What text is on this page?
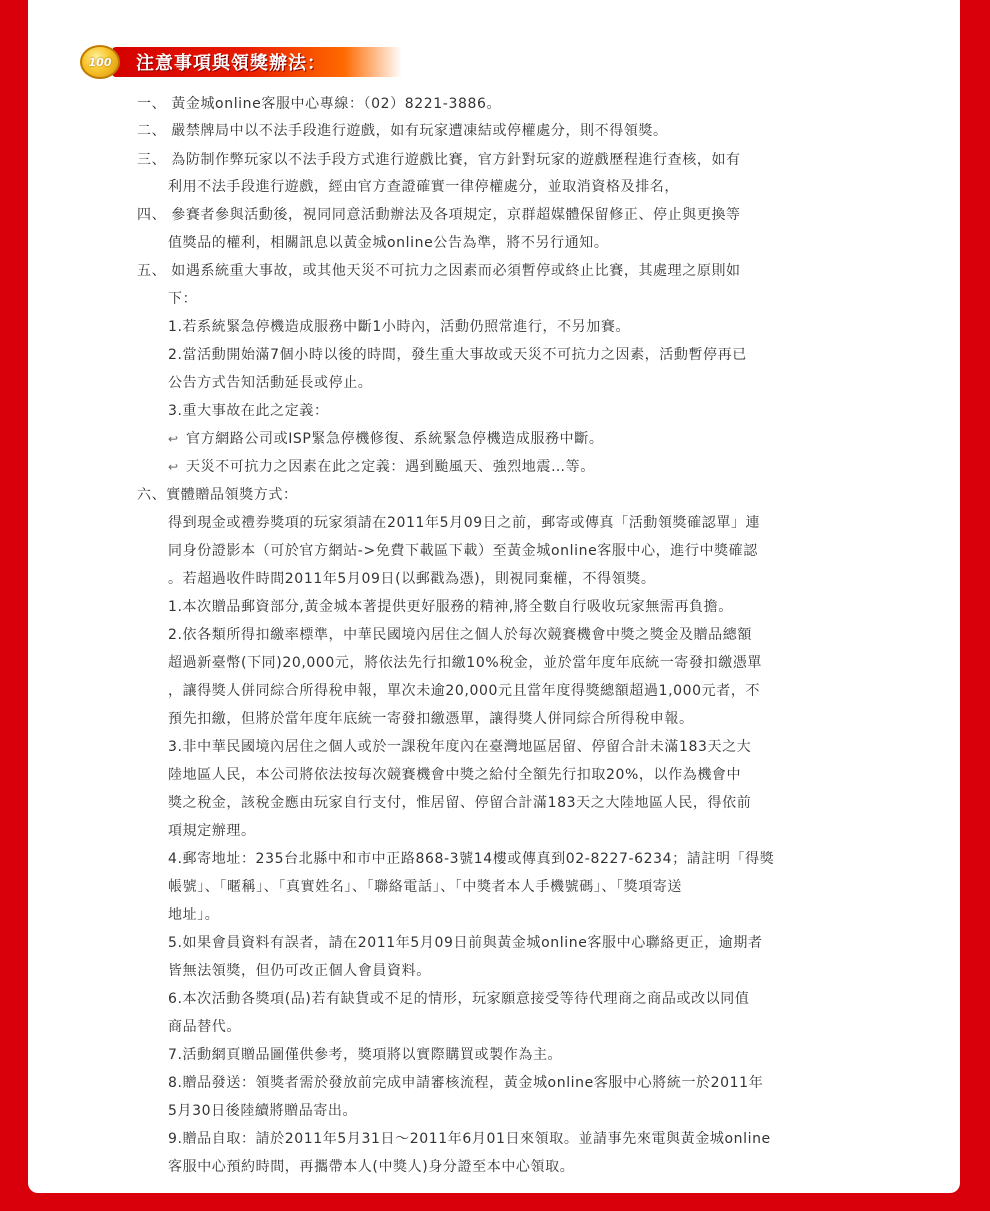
100 注意事項與領獎辦法：
一、 黃金城online客服中心專線：（02）8221-3886。
二、 嚴禁牌局中以不法手段進行遊戲，如有玩家遭凍結或停權處分，則不得領獎。
三、 為防制作弊玩家以不法手段方式進行遊戲比賽，官方針對玩家的遊戲歷程進行查核，如有
利用不法手段進行遊戲，經由官方查證確實一律停權處分，並取消資格及排名，
四、 參賽者參與活動後，視同同意活動辦法及各項規定，京群超媒體保留修正、停止與更換等
值獎品的權利，相關訊息以黃金城online公告為準，將不另行通知。
五、 如遇系統重大事故，或其他天災不可抗力之因素而必須暫停或終止比賽，其處理之原則如
下：
1.若系統緊急停機造成服務中斷1小時內，活動仍照常進行，不另加賽。
2.當活動開始滿7個小時以後的時間，發生重大事故或天災不可抗力之因素，活動暫停再已
公告方式告知活動延長或停止。
3.重大事故在此之定義：
↩ 官方網路公司或ISP緊急停機修復、系統緊急停機造成服務中斷。
↩ 天災不可抗力之因素在此之定義：遇到颱風天、強烈地震…等。
六、實體贈品領獎方式：
得到現金或禮券獎項的玩家須請在2011年5月09日之前，郵寄或傳真「活動領獎確認單」連
同身份證影本（可於官方網站->免費下載區下載）至黃金城online客服中心，進行中獎確認
。若超過收件時間2011年5月09日(以郵戳為憑)，則視同棄權，不得領獎。
1.本次贈品郵資部分,黃金城本著提供更好服務的精神,將全數自行吸收玩家無需再負擔。
2.依各類所得扣繳率標準，中華民國境內居住之個人於每次競賽機會中獎之獎金及贈品總額
超過新臺幣(下同)20,000元，將依法先行扣繳10%稅金，並於當年度年底統一寄發扣繳憑單
，讓得獎人併同綜合所得稅申報，單次未逾20,000元且當年度得獎總額超過1,000元者，不
預先扣繳，但將於當年度年底統一寄發扣繳憑單，讓得獎人併同綜合所得稅申報。
3.非中華民國境內居住之個人或於一課稅年度內在臺灣地區居留、停留合計未滿183天之大
陸地區人民，本公司將依法按每次競賽機會中獎之給付全額先行扣取20%，以作為機會中
獎之稅金，該稅金應由玩家自行支付，惟居留、停留合計滿183天之大陸地區人民，得依前
項規定辦理。
4.郵寄地址：235台北縣中和市中正路868-3號14樓或傳真到02-8227-6234；請註明「得獎
帳號」、「暱稱」、「真實姓名」、「聯絡電話」、「中獎者本人手機號碼」、「獎項寄送
地址」。
5.如果會員資料有誤者，請在2011年5月09日前與黃金城online客服中心聯絡更正，逾期者
皆無法領獎，但仍可改正個人會員資料。
6.本次活動各獎項(品)若有缺貨或不足的情形，玩家願意接受等待代理商之商品或改以同值
商品替代。
7.活動網頁贈品圖僅供參考，獎項將以實際購買或製作為主。
8.贈品發送：領獎者需於發放前完成申請審核流程，黃金城online客服中心將統一於2011年
5月30日後陸續將贈品寄出。
9.贈品自取：請於2011年5月31日～2011年6月01日來領取。並請事先來電與黃金城online
客服中心預約時間，再攜帶本人(中獎人)身分證至本中心領取。
